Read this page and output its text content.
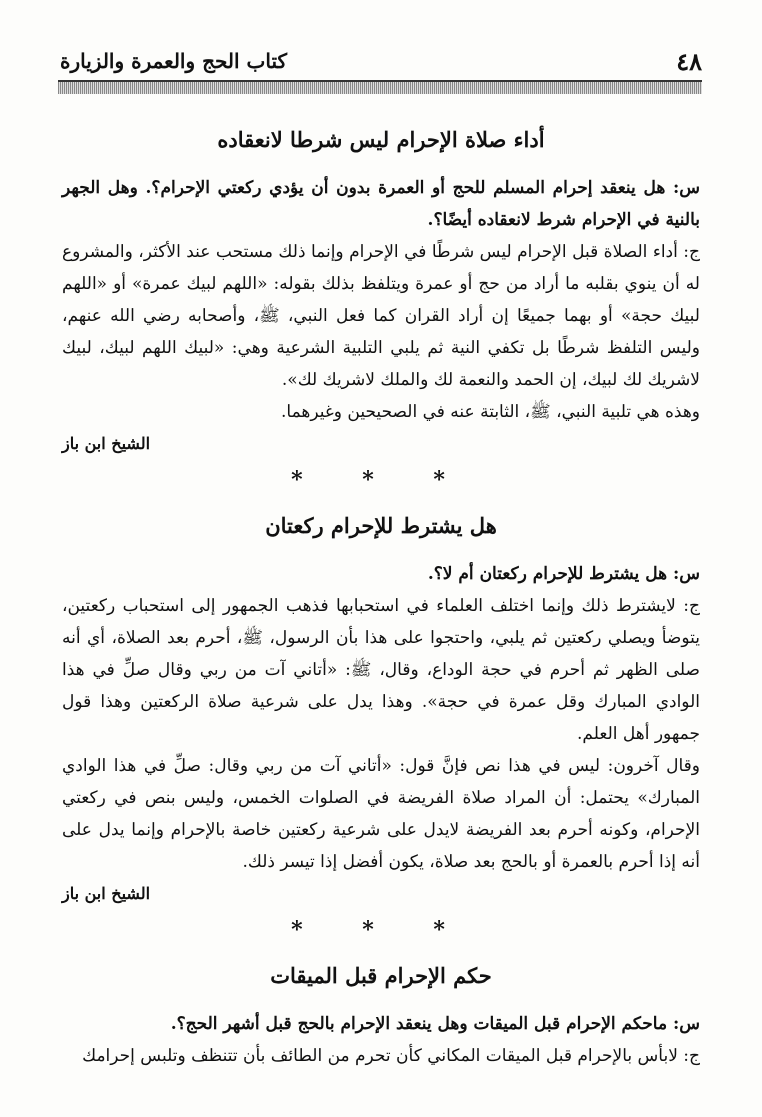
٤٨
كتاب الحج والعمرة والزيارة
أداء صلاة الإحرام ليس شرطا لانعقاده

س: هل ينعقد إحرام المسلم للحج أو العمرة بدون أن يؤدي ركعتي الإحرام؟. وهل الجهر بالنية في الإحرام شرط لانعقاده أيضًا؟.

ج: أداء الصلاة قبل الإحرام ليس شرطًا في الإحرام وإنما ذلك مستحب عند الأكثر، والمشروع له أن ينوي بقلبه ما أراد من حج أو عمرة ويتلفظ بذلك بقوله: «اللهم لبيك عمرة» أو «اللهم لبيك حجة» أو بهما جميعًا إن أراد القران كما فعل النبي، ﷺ، وأصحابه رضي الله عنهم، وليس التلفظ شرطًا بل تكفي النية ثم يلبي التلبية الشرعية وهي: «لبيك اللهم لبيك، لبيك لاشريك لك لبيك، إن الحمد والنعمة لك والملك لاشريك لك».

وهذه هي تلبية النبي، ﷺ، الثابتة عنه في الصحيحين وغيرهما.

الشيخ ابن باز

* * *
هل يشترط للإحرام ركعتان

س: هل يشترط للإحرام ركعتان أم لا؟.

ج: لايشترط ذلك وإنما اختلف العلماء في استحبابها فذهب الجمهور إلى استحباب ركعتين، يتوضأ ويصلي ركعتين ثم يلبي، واحتجوا على هذا بأن الرسول، ﷺ، أحرم بعد الصلاة، أي أنه صلى الظهر ثم أحرم في حجة الوداع، وقال، ﷺ: «أتاني آت من ربي وقال صلِّ في هذا الوادي المبارك وقل عمرة في حجة». وهذا يدل على شرعية صلاة الركعتين وهذا قول جمهور أهل العلم.

وقال آخرون: ليس في هذا نص فإنَّ قول: «أتاني آت من ربي وقال: صلِّ في هذا الوادي المبارك» يحتمل: أن المراد صلاة الفريضة في الصلوات الخمس، وليس بنص في ركعتي الإحرام، وكونه أحرم بعد الفريضة لايدل على شرعية ركعتين خاصة بالإحرام وإنما يدل على أنه إذا أحرم بالعمرة أو بالحج بعد صلاة، يكون أفضل إذا تيسر ذلك.

الشيخ ابن باز

* * *
حكم الإحرام قبل الميقات

س: ماحكم الإحرام قبل الميقات وهل ينعقد الإحرام بالحج قبل أشهر الحج؟.

ج: لابأس بالإحرام قبل الميقات المكاني كأن تحرم من الطائف بأن تتنظف وتلبس إحرامك
